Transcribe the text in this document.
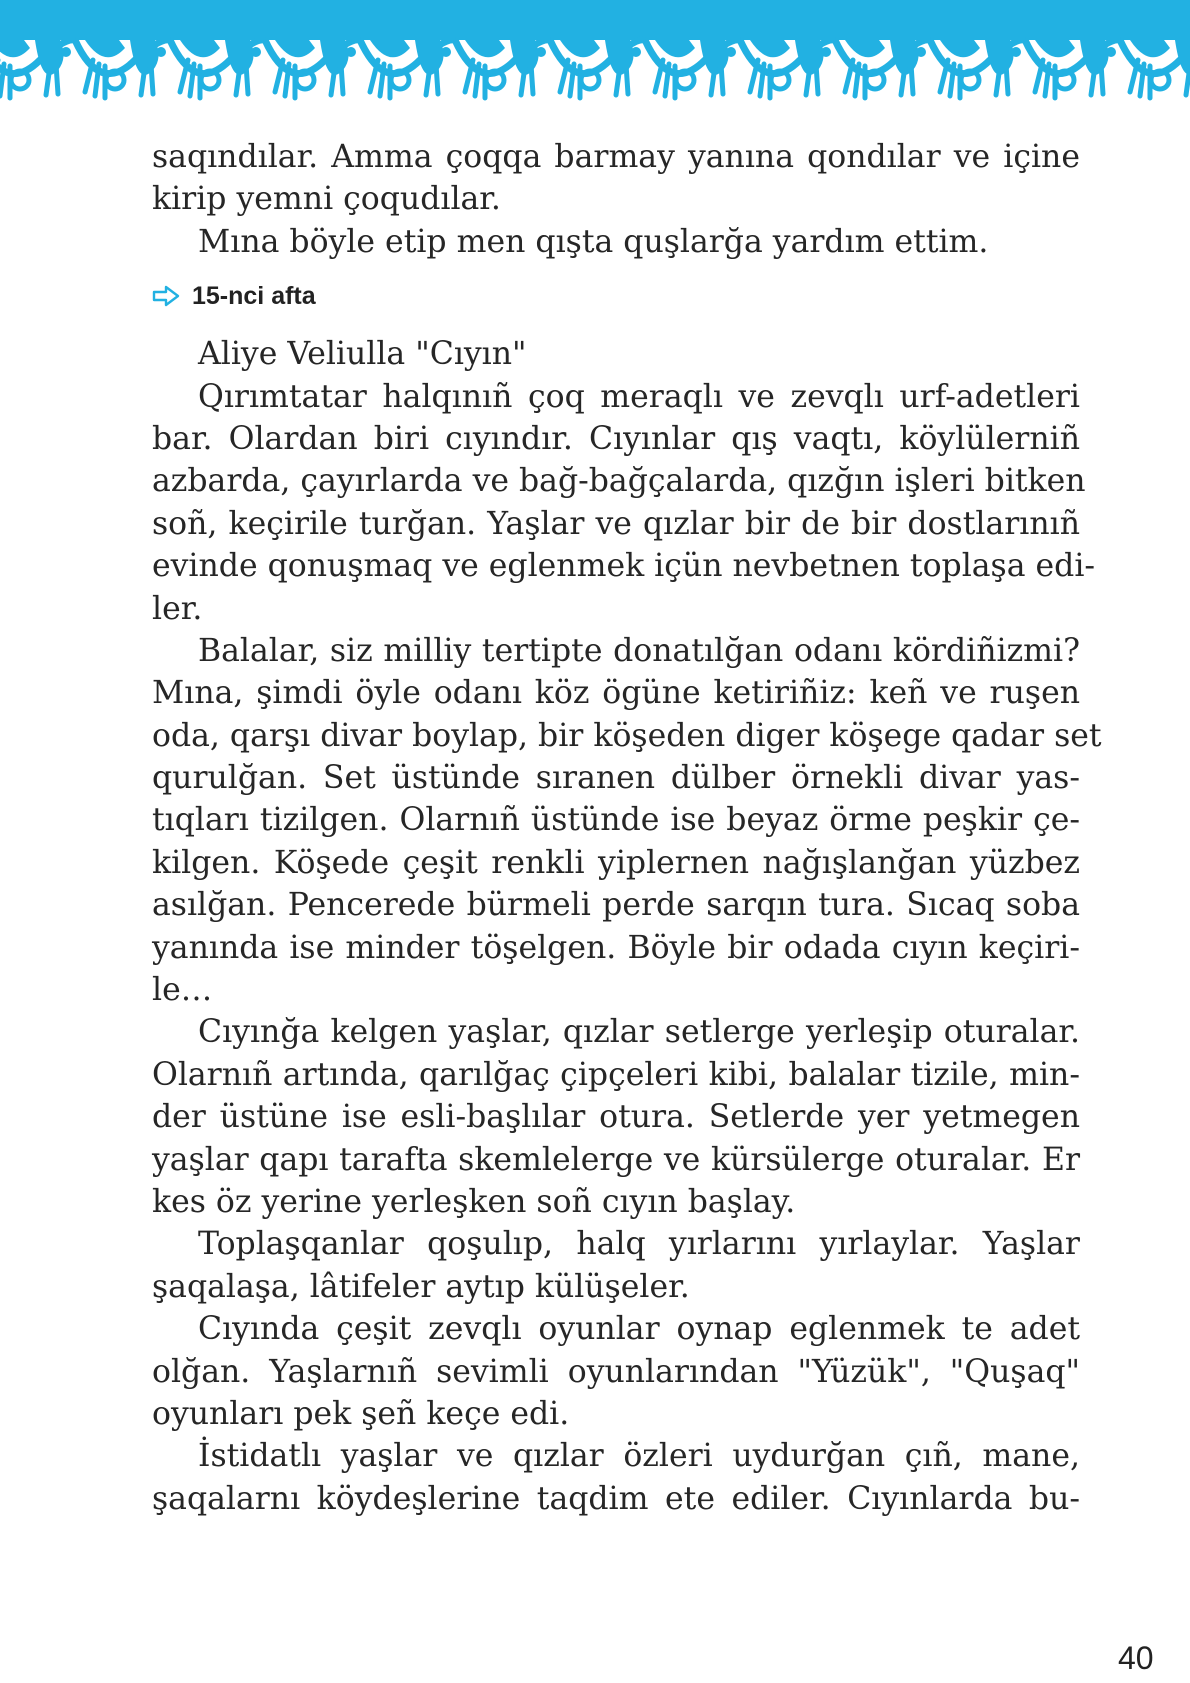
saqındılar. Amma çoqqa barmay yanına qondılar ve içine
kirip yemni çoqudılar.
Mına böyle etip men qışta quşlarğa yardım ettim.
15-nci afta
Aliye Veliulla "Cıyın"
Qırımtatar halqınıñ çoq meraqlı ve zevqlı urf-adetleri
bar. Olardan biri cıyındır. Cıyınlar qış vaqtı, köylülerniñ
azbarda, çayırlarda ve bağ-bağçalarda, qızğın işleri bitken
soñ, keçirile turğan. Yaşlar ve qızlar bir de bir dostlarınıñ
evinde qonuşmaq ve eglenmek içün nevbetnen toplaşa edi-
ler.
Balalar, siz milliy tertipte donatılğan odanı kördiñizmi?
Mına, şimdi öyle odanı köz ögüne ketiriñiz: keñ ve ruşen
oda, qarşı divar boylap, bir köşeden diger köşege qadar set
qurulğan. Set üstünde sıranen dülber örnekli divar yas-
tıqları tizilgen. Olarnıñ üstünde ise beyaz örme peşkir çe-
kilgen. Köşede çeşit renkli yiplernen nağışlanğan yüzbez
asılğan. Pencerede bürmeli perde sarqın tura. Sıcaq soba
yanında ise minder töşelgen. Böyle bir odada cıyın keçiri-
le…
Cıyınğa kelgen yaşlar, qızlar setlerge yerleşip oturalar.
Olarnıñ artında, qarılğaç çipçeleri kibi, balalar tizile, min-
der üstüne ise esli-başlılar otura. Setlerde yer yetmegen
yaşlar qapı tarafta skemlelerge ve kürsülerge oturalar. Er
kes öz yerine yerleşken soñ cıyın başlay.
Toplaşqanlar qoşulıp, halq yırlarını yırlaylar. Yaşlar
şaqalaşa, lâtifeler aytıp külüşeler.
Cıyında çeşit zevqlı oyunlar oynap eglenmek te adet
olğan. Yaşlarnıñ sevimli oyunlarından "Yüzük", "Quşaq"
oyunları pek şeñ keçe edi.
İstidatlı yaşlar ve qızlar özleri uydurğan çıñ, mane,
şaqalarnı köydeşlerine taqdim ete ediler. Cıyınlarda bu-
40
